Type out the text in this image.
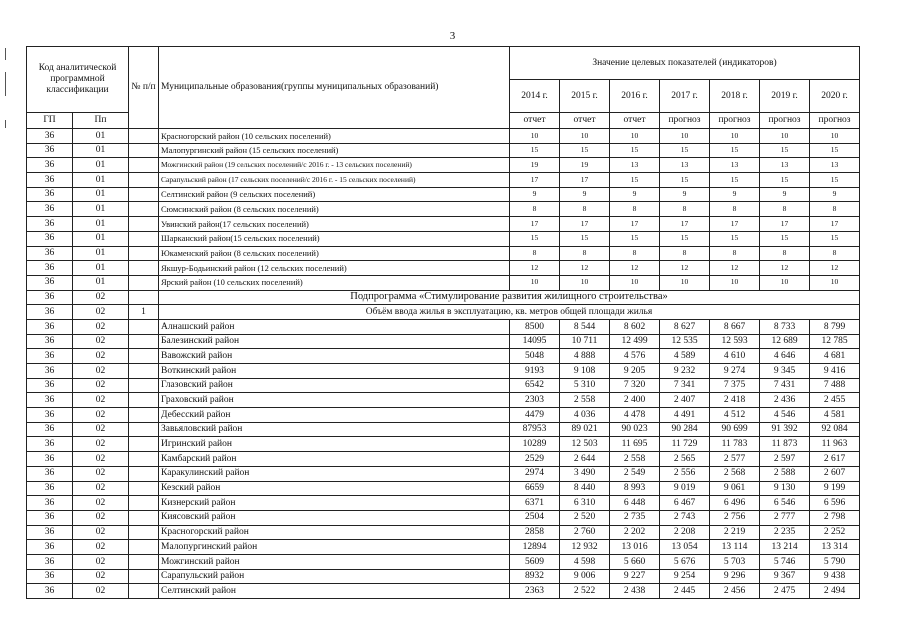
3
Код аналитической программной классификации		№ п/п	Муниципальные образования(группы муниципальных образований)	Значение целевых показателей (индикаторов)						
				2014 г.	2015 г.	2016 г.	2017 г.	2018 г.	2019 г.	2020 г.
ГП	Пп			отчет	отчет	отчет	прогноз	прогноз	прогноз	прогноз
36	01		Красногорский район (10 сельских поселений)	10	10	10	10	10	10	10
36	01		Малопургинский район (15 сельских поселений)	15	15	15	15	15	15	15
36	01		Можгинский район (19 сельских поселений/с 2016 г. - 13 сельских поселений)	19	19	13	13	13	13	13
36	01		Сарапульский район (17 сельских поселений/с 2016 г. - 15 сельских поселений)	17	17	15	15	15	15	15
36	01		Селтинский район (9 сельских поселений)	9	9	9	9	9	9	9
36	01		Сюмсинский район (8 сельских поселений)	8	8	8	8	8	8	8
36	01		Увинский район(17 сельских поселений)	17	17	17	17	17	17	17
36	01		Шарканский район(15 сельских поселений)	15	15	15	15	15	15	15
36	01		Юкаменский район (8 сельских поселений)	8	8	8	8	8	8	8
36	01		Якшур-Бодьинский район (12 сельских поселений)	12	12	12	12	12	12	12
36	01		Ярский район (10 сельских поселений)	10	10	10	10	10	10	10
36	02		Подпрограмма «Стимулирование развития жилищного строительства»							
36	02	1	Объём ввода жилья в эксплуатацию, кв. метров общей площади жилья							
36	02		Алнашский район	8500	8 544	8 602	8 627	8 667	8 733	8 799
36	02		Балезинский район	14095	10 711	12 499	12 535	12 593	12 689	12 785
36	02		Вавожский район	5048	4 888	4 576	4 589	4 610	4 646	4 681
36	02		Воткинский район	9193	9 108	9 205	9 232	9 274	9 345	9 416
36	02		Глазовский район	6542	5 310	7 320	7 341	7 375	7 431	7 488
36	02		Граховский район	2303	2 558	2 400	2 407	2 418	2 436	2 455
36	02		Дебесский район	4479	4 036	4 478	4 491	4 512	4 546	4 581
36	02		Завьяловский район	87953	89 021	90 023	90 284	90 699	91 392	92 084
36	02		Игринский район	10289	12 503	11 695	11 729	11 783	11 873	11 963
36	02		Камбарский район	2529	2 644	2 558	2 565	2 577	2 597	2 617
36	02		Каракулинский район	2974	3 490	2 549	2 556	2 568	2 588	2 607
36	02		Кезский район	6659	8 440	8 993	9 019	9 061	9 130	9 199
36	02		Кизнерский район	6371	6 310	6 448	6 467	6 496	6 546	6 596
36	02		Киясовский район	2504	2 520	2 735	2 743	2 756	2 777	2 798
36	02		Красногорский район	2858	2 760	2 202	2 208	2 219	2 235	2 252
36	02		Малопургинский район	12894	12 932	13 016	13 054	13 114	13 214	13 314
36	02		Можгинский район	5609	4 598	5 660	5 676	5 703	5 746	5 790
36	02		Сарапульский район	8932	9 006	9 227	9 254	9 296	9 367	9 438
36	02		Селтинский район	2363	2 522	2 438	2 445	2 456	2 475	2 494
